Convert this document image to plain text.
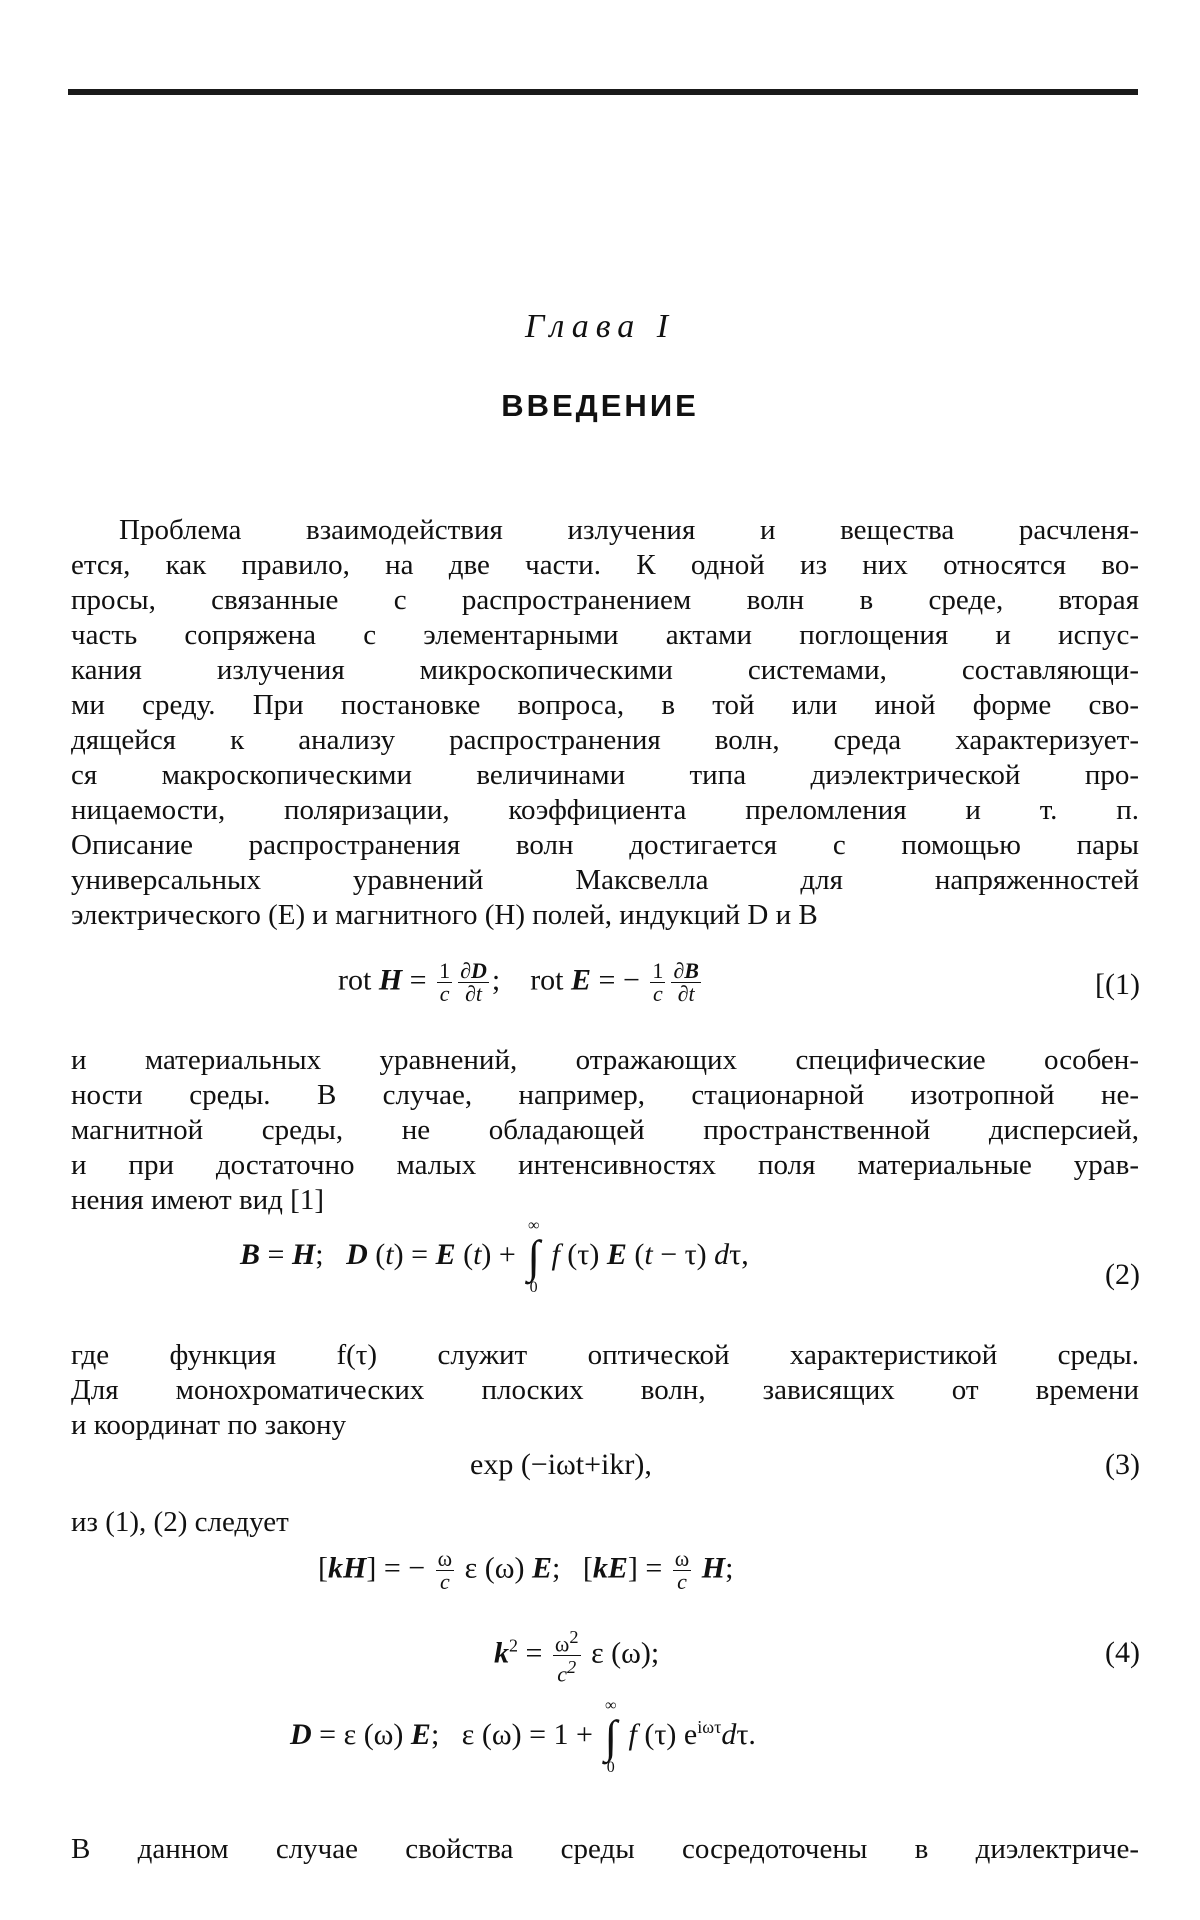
Глава I
ВВЕДЕНИЕ
Проблема взаимодействия излучения и вещества расчленя-
ется, как правило, на две части. К одной из них относятся во-
просы, связанные с распространением волн в среде, вторая
часть сопряжена с элементарными актами поглощения и испус-
кания излучения микроскопическими системами, составляющи-
ми среду. При постановке вопроса, в той или иной форме сво-
дящейся к анализу распространения волн, среда характеризует-
ся макроскопическими величинами типа диэлектрической про-
ницаемости, поляризации, коэффициента преломления и т. п.
Описание распространения волн достигается с помощью пары
универсальных уравнений Максвелла для напряженностей
электрического (E) и магнитного (H) полей, индукций D и B
rot $H = \frac{1}{c} \frac{\partial D}{\partial t}$ ;    rot E = − $\frac{1}{c} \frac{\partial B}{\partial t}$	[(1)
и материальных уравнений, отражающих специфические особен-
ности среды. В случае, например, стационарной изотропной не-
магнитной среды, не обладающей пространственной дисперсией,
и при достаточно малых интенсивностях поля материальные урав-
нения имеют вид [1]
B = H;   D (t) = E (t) + ∞
∫
0 f (τ) E (t − τ) dτ,
(2)
где функция f(τ) служит оптической характеристикой среды.
Для монохроматических плоских волн, зависящих от времени
и координат по закону
exp (−iωt+ikr),	(3)
из (1), (2) следует
[kH] = − $\frac{\omega}{c}$ ε (ω) E;   $[kE] = \frac{\omega}{c} H$;
$k^2 = \frac{\omega^2}{c^2}$ ε (ω);	(4)
D = ε (ω) E;   ε (ω) = 1 + ∞
∫
0 f (τ) $e^{i\omega\tau}d\tau$.
В данном случае свойства среды сосредоточены в диэлектриче-
